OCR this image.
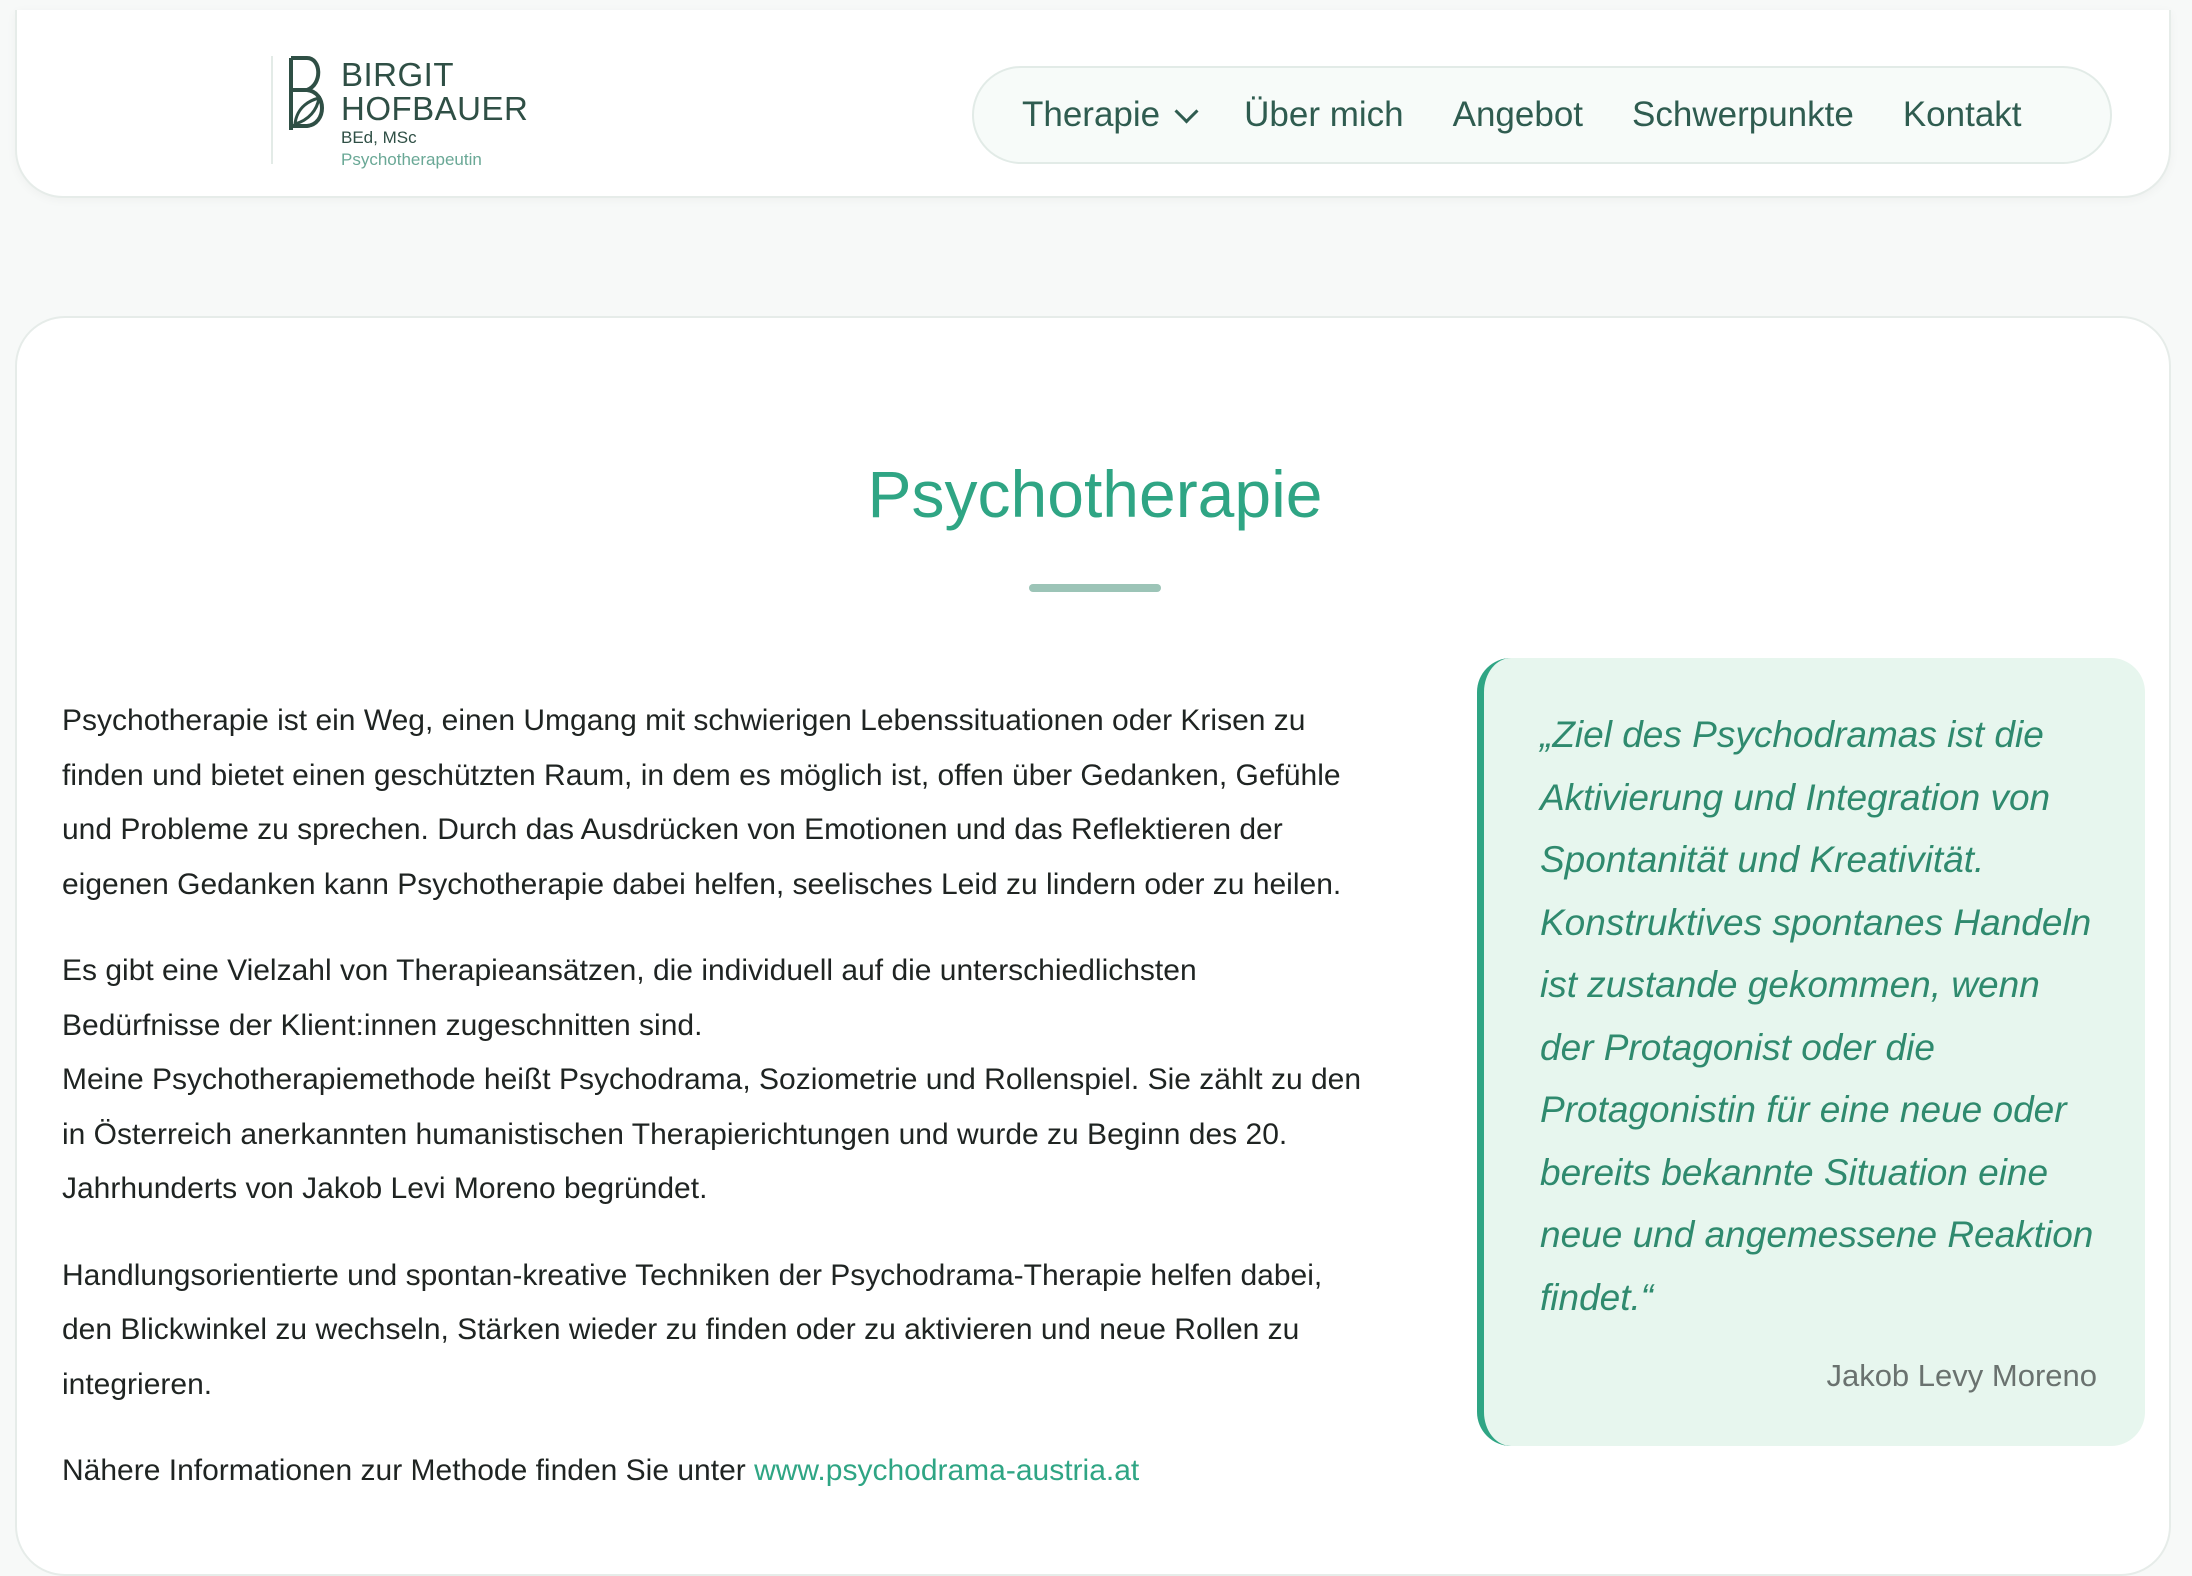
BIRGIT
HOFBAUER
BEd, MSc
Psychotherapeutin
Therapie Über mich Angebot Schwerpunkte Kontakt
Psychotherapie

Psychotherapie ist ein Weg, einen Umgang mit schwierigen Lebenssituationen oder Krisen zu finden und bietet einen geschützten Raum, in dem es möglich ist, offen über Gedanken, Gefühle und Probleme zu sprechen. Durch das Ausdrücken von Emotionen und das Reflektieren der eigenen Gedanken kann Psychotherapie dabei helfen, seelisches Leid zu lindern oder zu heilen.

Es gibt eine Vielzahl von Therapieansätzen, die individuell auf die unterschiedlichsten Bedürfnisse der Klient:innen zugeschnitten sind.

Meine Psychotherapiemethode heißt Psychodrama, Soziometrie und Rollenspiel. Sie zählt zu den in Österreich anerkannten humanistischen Therapierichtungen und wurde zu Beginn des 20. Jahrhunderts von Jakob Levi Moreno begründet.

Handlungsorientierte und spontan-kreative Techniken der Psychodrama-Therapie helfen dabei, den Blickwinkel zu wechseln, Stärken wieder zu finden oder zu aktivieren und neue Rollen zu integrieren.

Nähere Informationen zur Methode finden Sie unter www.psychodrama-austria.at

„Ziel des Psychodramas ist die Aktivierung und Integration von Spontanität und Kreativität. Konstruktives spontanes Handeln ist zustande gekommen, wenn der Protagonist oder die Protagonistin für eine neue oder bereits bekannte Situation eine neue und angemessene Reaktion findet.“
Jakob Levy Moreno
